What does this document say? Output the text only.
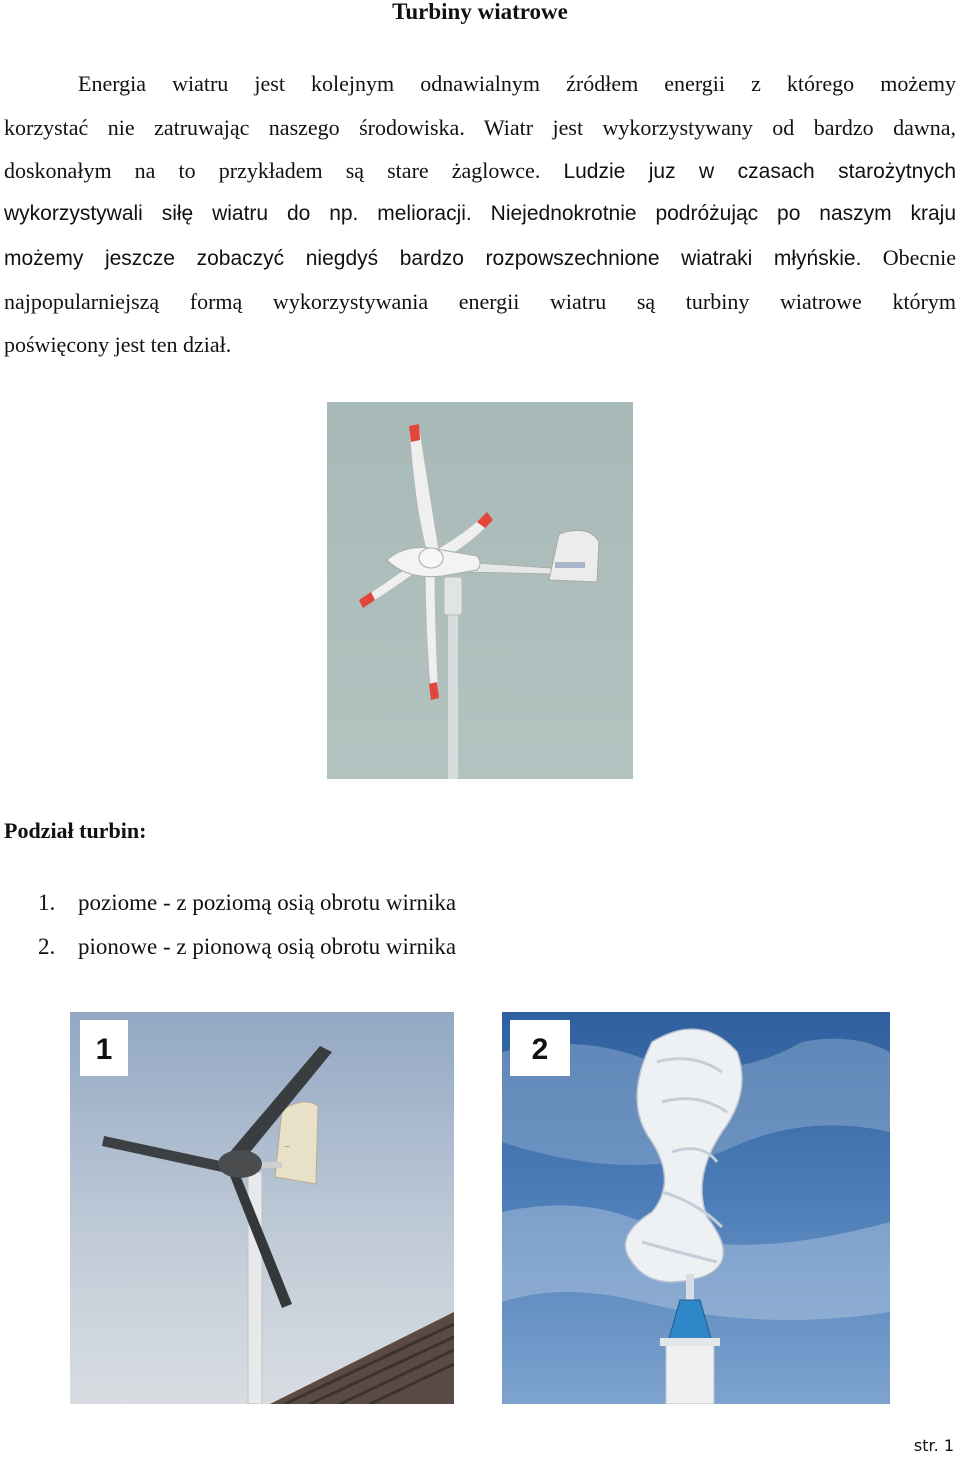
Turbiny wiatrowe

Energia wiatru jest kolejnym odnawialnym źródłem energii z którego możemy

korzystać nie zatruwając naszego środowiska. Wiatr jest wykorzystywany od bardzo dawna,

doskonałym na to przykładem są stare żaglowce. Ludzie juz w czasach starożytnych

wykorzystywali siłę wiatru do np. melioracji. Niejednokrotnie podróżując po naszym kraju

możemy jeszcze zobaczyć niegdyś bardzo rozpowszechnione wiatraki młyńskie. Obecnie

najpopularniejszą formą wykorzystywania energii wiatru są turbiny wiatrowe którym

poświęcony jest ten dział.

Podział turbin:
1. poziome - z poziomą osią obrotu wirnika
2. pionowe - z pionową osią obrotu wirnika
~
1	2
str. 1
